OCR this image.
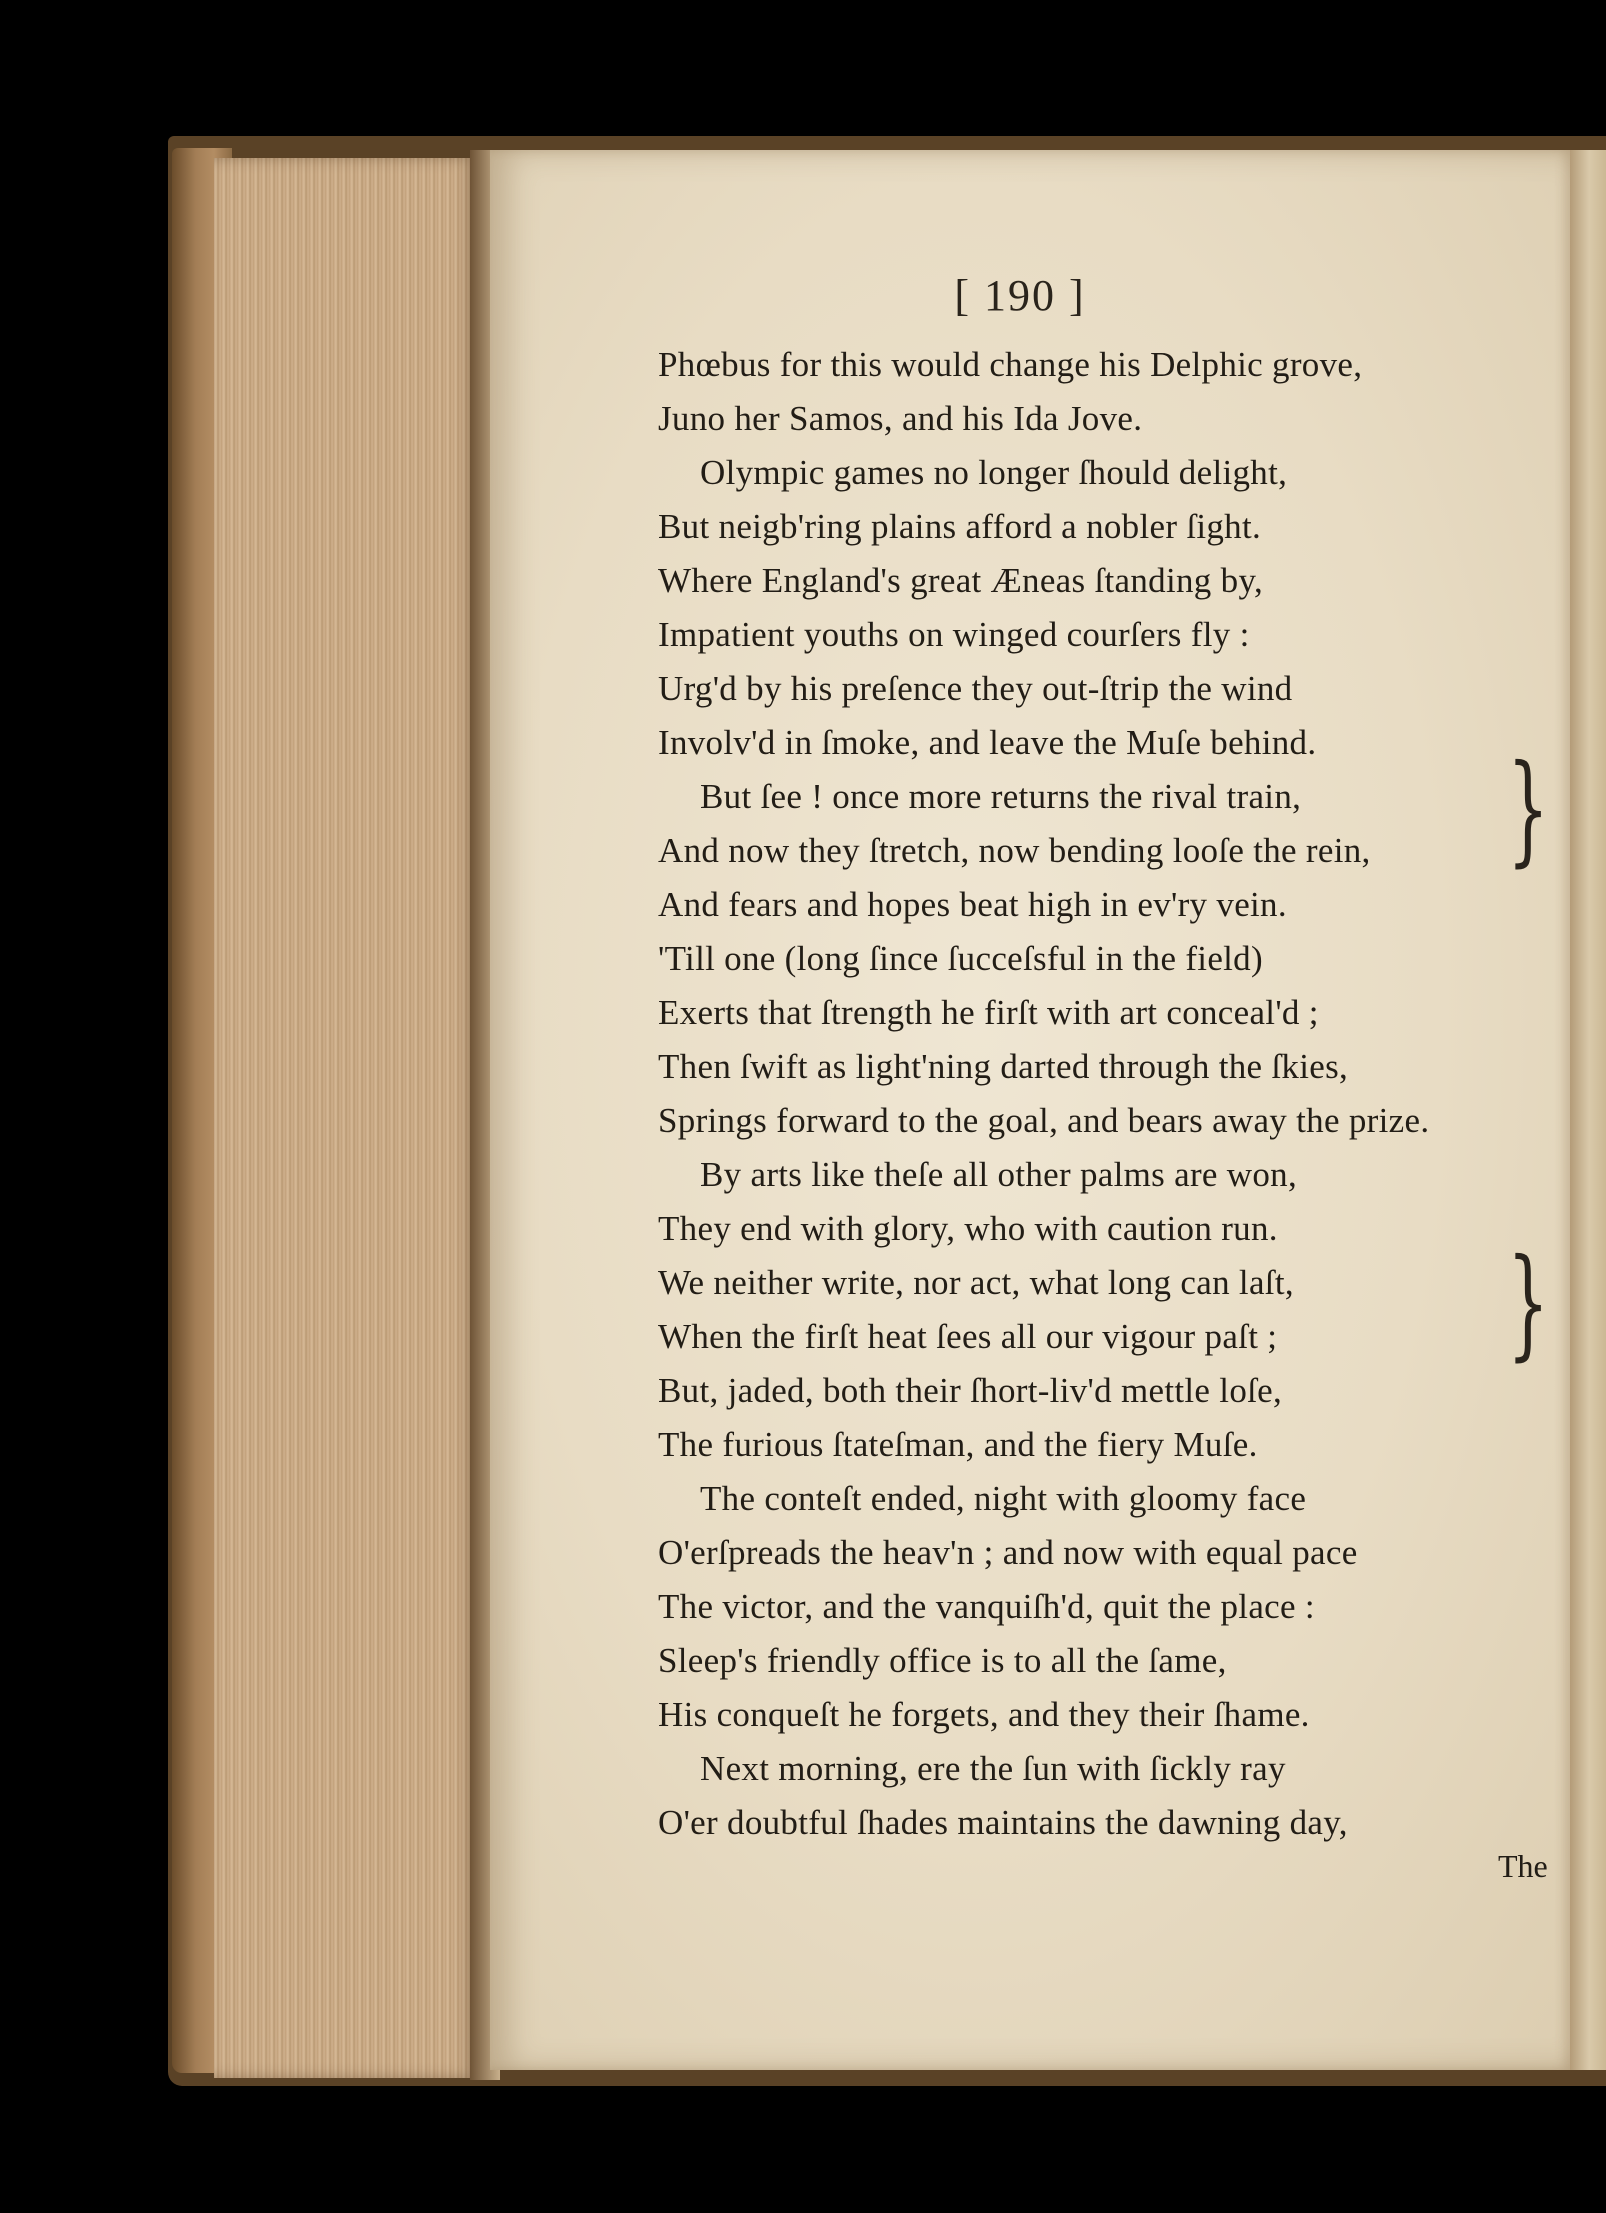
[ 190 ]
Phœbus for this would change his Delphic grove,
Juno her Samos, and his Ida Jove.
Olympic games no longer ſhould delight,
But neigb'ring plains afford a nobler ſight.
Where England's great Æneas ſtanding by,
Impatient youths on winged courſers fly :
Urg'd by his preſence they out-ſtrip the wind
Involv'd in ſmoke, and leave the Muſe behind.
But ſee ! once more returns the rival train,
And now they ſtretch, now bending looſe the rein,
And fears and hopes beat high in ev'ry vein.
'Till one (long ſince ſucceſsful in the field)
Exerts that ſtrength he firſt with art conceal'd ;
Then ſwift as light'ning darted through the ſkies,
Springs forward to the goal, and bears away the prize.
By arts like theſe all other palms are won,
They end with glory, who with caution run.
We neither write, nor act, what long can laſt,
When the firſt heat ſees all our vigour paſt ;
But, jaded, both their ſhort-liv'd mettle loſe,
The furious ſtateſman, and the fiery Muſe.
The conteſt ended, night with gloomy face
O'erſpreads the heav'n ; and now with equal pace
The victor, and the vanquiſh'd, quit the place :
Sleep's friendly office is to all the ſame,
His conqueſt he forgets, and they their ſhame.
Next morning, ere the ſun with ſickly ray
O'er doubtful ſhades maintains the dawning day,
}
}
The
